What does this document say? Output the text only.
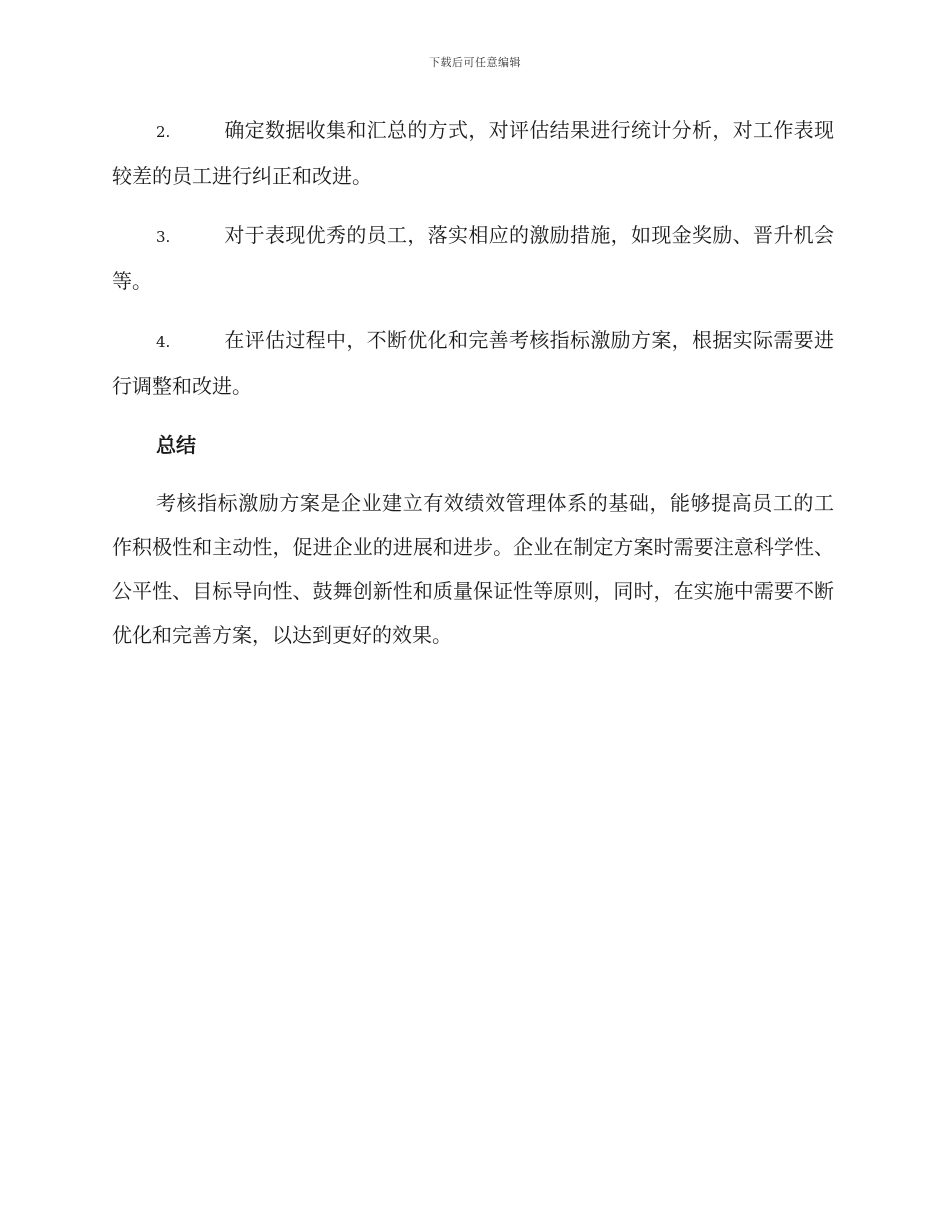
下载后可任意编辑

2.	确定数据收集和汇总的方式，对评估结果进行统计分析，对工作表现较差的员工进行纠正和改进。

3.	对于表现优秀的员工，落实相应的激励措施，如现金奖励、晋升机会等。

4.	在评估过程中，不断优化和完善考核指标激励方案，根据实际需要进行调整和改进。

总结

考核指标激励方案是企业建立有效绩效管理体系的基础，能够提高员工的工作积极性和主动性，促进企业的进展和进步。企业在制定方案时需要注意科学性、公平性、目标导向性、鼓舞创新性和质量保证性等原则，同时，在实施中需要不断优化和完善方案，以达到更好的效果。
